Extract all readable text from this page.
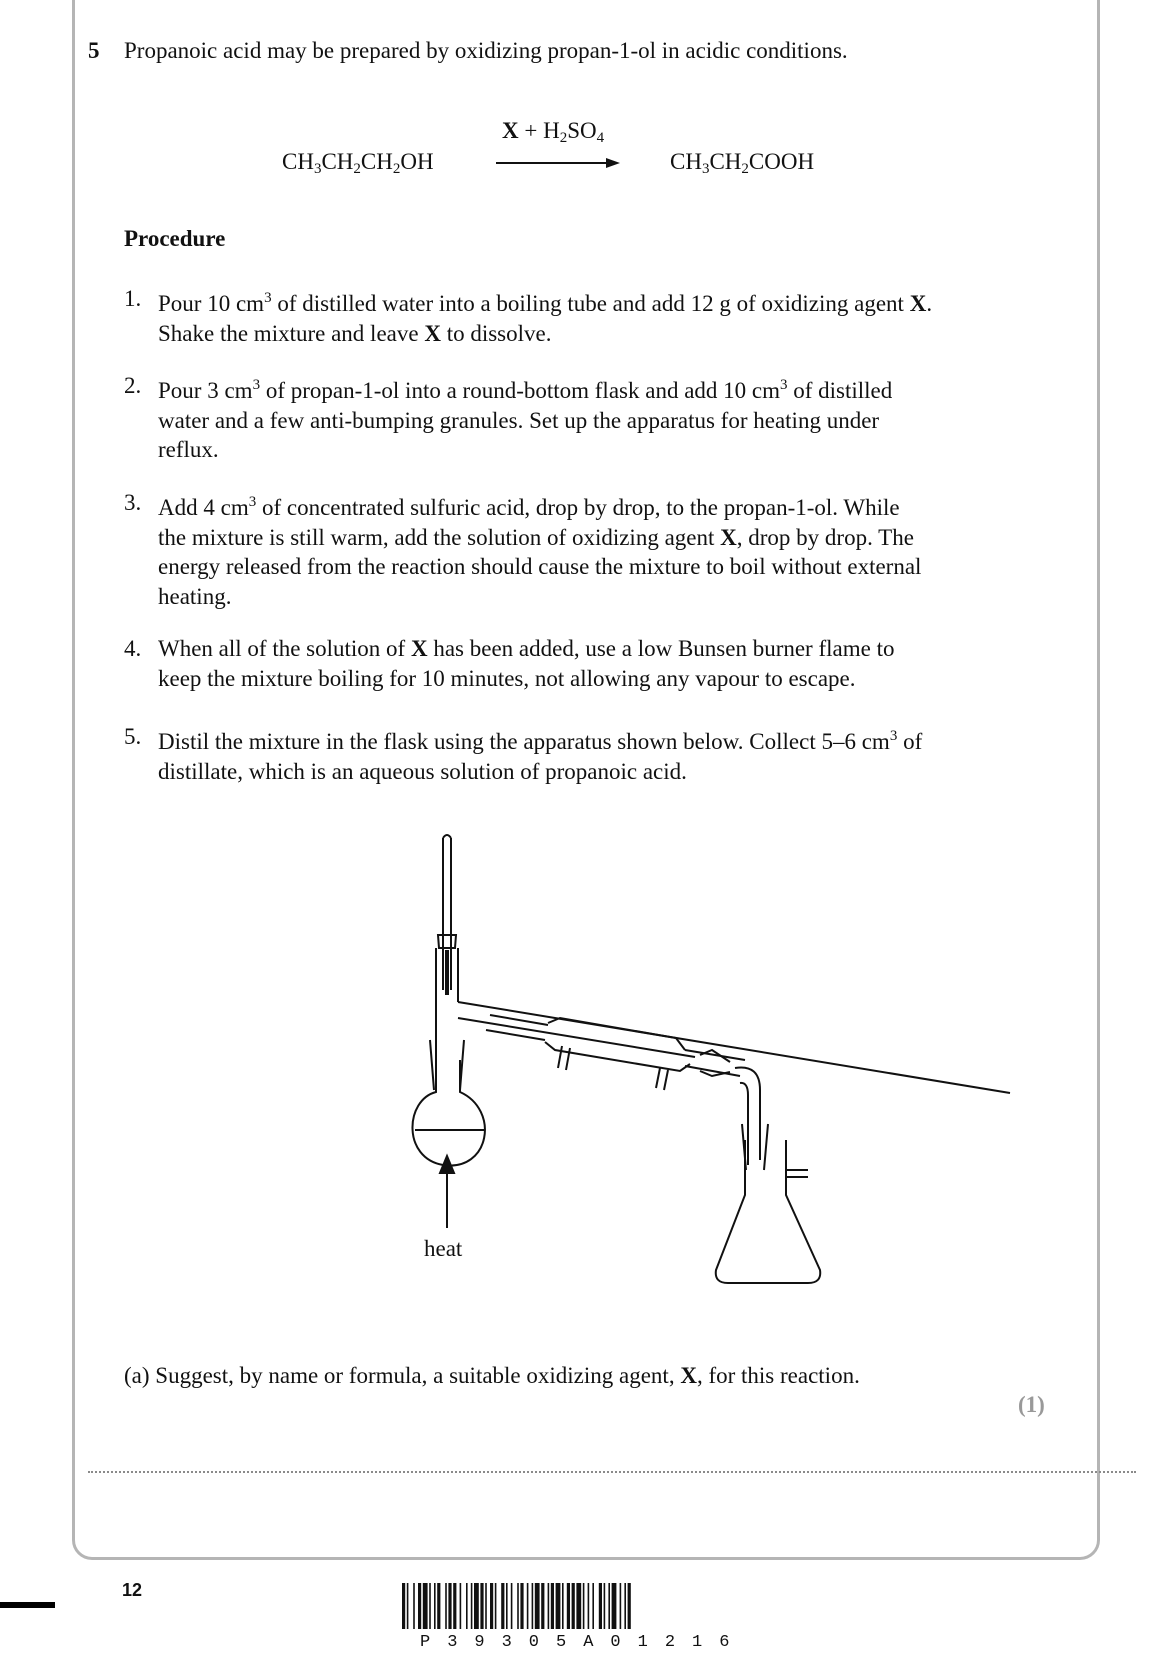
5 Propanoic acid may be prepared by oxidizing propan-1-ol in acidic conditions.
$X + H_2SO_4$
$CH_3CH_2CH_2OH$	$CH_3CH_2COOH$
Procedure
1. Pour 10 $cm^3$ of distilled water into a boiling tube and add 12 g of oxidizing agent X.
Shake the mixture and leave X to dissolve.
2. Pour 3 $cm^3$ of propan-1-ol into a round-bottom flask and add 10 $cm^3$ of distilled
water and a few anti-bumping granules. Set up the apparatus for heating under
reflux.
3. Add 4 $cm^3$ of concentrated sulfuric acid, drop by drop, to the propan-1-ol. While
the mixture is still warm, add the solution of oxidizing agent X, drop by drop. The
energy released from the reaction should cause the mixture to boil without external
heating.
4. When all of the solution of X has been added, use a low Bunsen burner flame to
keep the mixture boiling for 10 minutes, not allowing any vapour to escape.
5. Distil the mixture in the flask using the apparatus shown below. Collect 5–6 $cm^3$ of
distillate, which is an aqueous solution of propanoic acid.
heat
(a) Suggest, by name or formula, a suitable oxidizing agent, X, for this reaction.
(1)
12
P39305A01216
